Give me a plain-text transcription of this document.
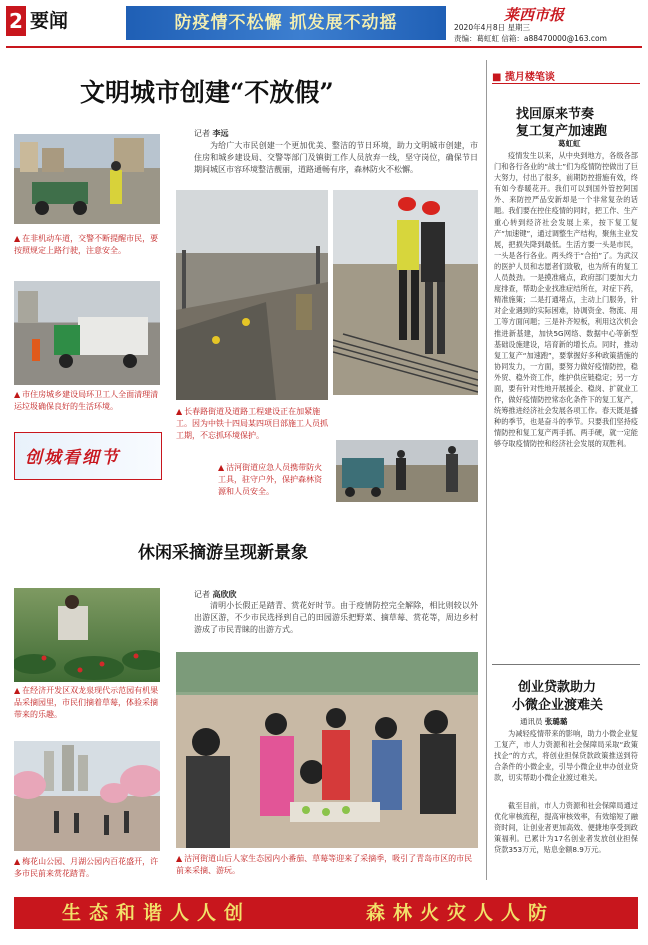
2 要闻	防疫情不松懈 抓发展不动摇	莱西市报
2020年4月8日 星期三
责编：葛虹虹 信箱：a88470000@163.com
文明城市创建“不放假”
▲ 在非机动车道，交警不断提醒市民，要按照规定上路行驶，注意安全。
▲ 市住房城乡建设局环卫工人全面清理清运垃圾确保良好的生活环境。
创城看细节
记者 李远
为给广大市民创建一个更加优美、整洁的节日环境，助力文明城市创建，市住房和城乡建设局、交警等部门及镇街工作人员放弃一线，坚守岗位，确保节日期间城区市容环境整洁靓丽，道路通畅有序，森林防火不松懈。
▲ 长春路街道及道路工程建设正在加紧施工。因为中铁十四局某四项目部施工人员抓工期，不忘抓环境保护。
▲ 沽河街道应急人员携带防火工具，驻守户外，保护森林资源和人员安全。
休闲采摘游呈现新景象
▲ 在经济开发区双龙泉现代示范园有机果品采摘园里，市民们摘着草莓，体验采摘带来的乐趣。
▲ 梅花山公园、月湖公园内百花盛开，许多市民前来赏花踏青。
记者 高欣欣
清明小长假正是踏青、赏花好时节。由于疫情防控完全解除，相比则较以外出游区游，不少市民选择到自己的田园游乐把野菜、摘草莓、赏花等，周边乡村游成了市民青睐的出游方式。
▲ 沽河街道山后人家生态园内小番茄、草莓等迎来了采摘季，吸引了青岛市区的市民前来采摘、游玩。
■ 揽月楼笔谈
找回原来节奏
复工复产加速跑
葛虹虹
疫情发生以来，从中央到地方，各级各部门和各行各业的“战士”们为疫情防控做出了巨大努力，付出了很多，前期防控措施有效，终有如今春暖花开。我们可以到国外管控阿国外、来防控严品安新却是一个非常复杂的话题。我们要在控住疫情的同时，把工作、生产重心转到经济社会发展上来，按下复工复产“加速键”，通过调整生产结构，聚焦主业发展，把损失降到最低。生活方要一头是市民，一头是各行各业。两头终于“合拍”了。为武汉的医护人员和志愿者们致敬，也为所有的复工人员鼓劲。一是摸准痛点，政府部门要加大力度排查，帮助企业找准症结所在，对症下药，精准施策；二是打通堵点，主动上门服务，针对企业遇到的实际困难，协调资金、物流、用工等方面问题；三是补齐短板，利用这次机会推进新基建，加快5G网络、数据中心等新型基础设施建设，培育新的增长点。同时，推动复工复产“加速跑”，要掌握好多种政策措施的协同发力，一方面，要努力做好疫情防控，稳外贸、稳外资工作，维护供应链稳定；另一方面，要有针对性地开展援企、稳岗、扩就业工作，做好疫情防控常态化条件下的复工复产，统筹推进经济社会发展各项工作。春天既是播种的季节，也是奋斗的季节。只要我们坚持疫情防控和复工复产两手抓、两手硬，就一定能够夺取疫情防控和经济社会发展的双胜利。
创业贷款助力
小微企业渡难关
通讯员 张璐璐
为减轻疫情带来的影响，助力小微企业复工复产，市人力资源和社会保障局采取“政策找企”的方式，将创业担保贷款政策推送到符合条件的小微企业，引导小微企业申办创业贷款，切实帮助小微企业渡过难关。
截至目前，市人力资源和社会保障局通过优化审核流程，提高审核效率，有效缩短了融资时间，让创业者更加高效、便捷地享受到政策福利。已累计为17名创业者发放创业担保贷款353万元，贴息金额8.9万元。
生态和谐人人创	森林火灾人人防
